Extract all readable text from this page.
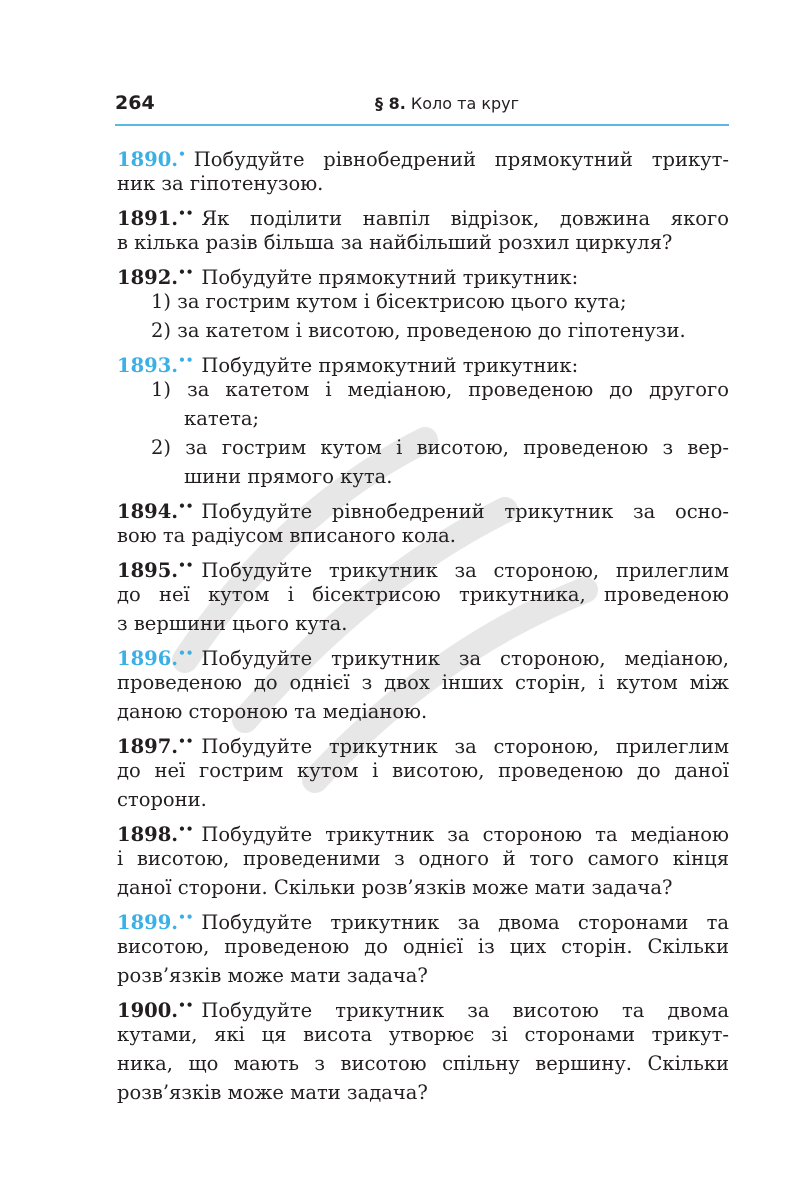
264	§ 8. Коло та круг
1890.• Побудуйте рівнобедрений прямокутний трикут-
ник за гіпотенузою.
1891.•• Як поділити навпіл відрізок, довжина якого
в кілька разів більша за найбільший розхил циркуля?
1892.•• Побудуйте прямокутний трикутник:
1) за гострим кутом і бісектрисою цього кута;
2) за катетом і висотою, проведеною до гіпотенузи.
1893.•• Побудуйте прямокутний трикутник:
1) за катетом і медіаною, проведеною до другого
катета;
2) за гострим кутом і висотою, проведеною з вер-
шини прямого кута.
1894.•• Побудуйте рівнобедрений трикутник за осно-
вою та радіусом вписаного кола.
1895.•• Побудуйте трикутник за стороною, прилеглим
до неї кутом і бісектрисою трикутника, проведеною
з вершини цього кута.
1896.•• Побудуйте трикутник за стороною, медіаною,
проведеною до однієї з двох інших сторін, і кутом між
даною стороною та медіаною.
1897.•• Побудуйте трикутник за стороною, прилеглим
до неї гострим кутом і висотою, проведеною до даної
сторони.
1898.•• Побудуйте трикутник за стороною та медіаною
і висотою, проведеними з одного й того самого кінця
даної сторони. Скільки розв’язків може мати задача?
1899.•• Побудуйте трикутник за двома сторонами та
висотою, проведеною до однієї із цих сторін. Скільки
розв’язків може мати задача?
1900.•• Побудуйте трикутник за висотою та двома
кутами, які ця висота утворює зі сторонами трикут-
ника, що мають з висотою спільну вершину. Скільки
розв’язків може мати задача?
